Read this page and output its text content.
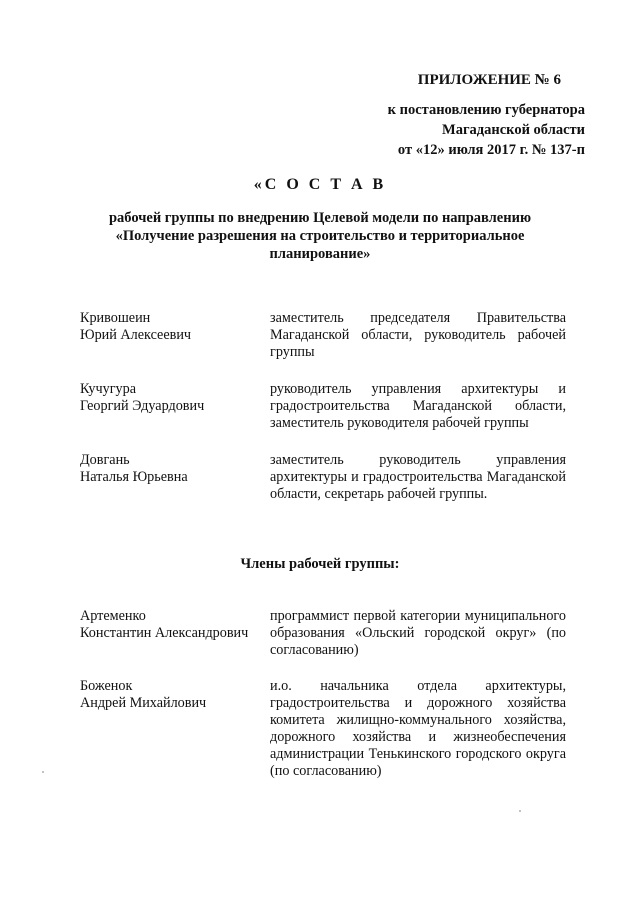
ПРИЛОЖЕНИЕ № 6
к постановлению губернатора
Магаданской области
от «12» июля 2017 г. № 137-п
«С О С Т А В
рабочей группы по внедрению Целевой модели по направлению «Получение разрешения на строительство и территориальное планирование»
Кривошеин
Юрий Алексеевич
заместитель председателя Правительства Магаданской области, руководитель рабочей группы
Кучугура
Георгий Эдуардович
руководитель управления архитектуры и градостроительства Магаданской области, заместитель руководителя рабочей группы
Довгань
Наталья Юрьевна
заместитель руководитель управления архитектуры и градостроительства Магаданской области, секретарь рабочей группы.
Члены рабочей группы:
Артеменко
Константин Александрович
программист первой категории муниципального образования «Ольский городской округ» (по согласованию)
Боженок
Андрей Михайлович
и.о. начальника отдела архитектуры, градостроительства и дорожного хозяйства комитета жилищно-коммунального хозяйства, дорожного хозяйства и жизнеобеспечения администрации Тенькинского городского округа (по согласованию)
